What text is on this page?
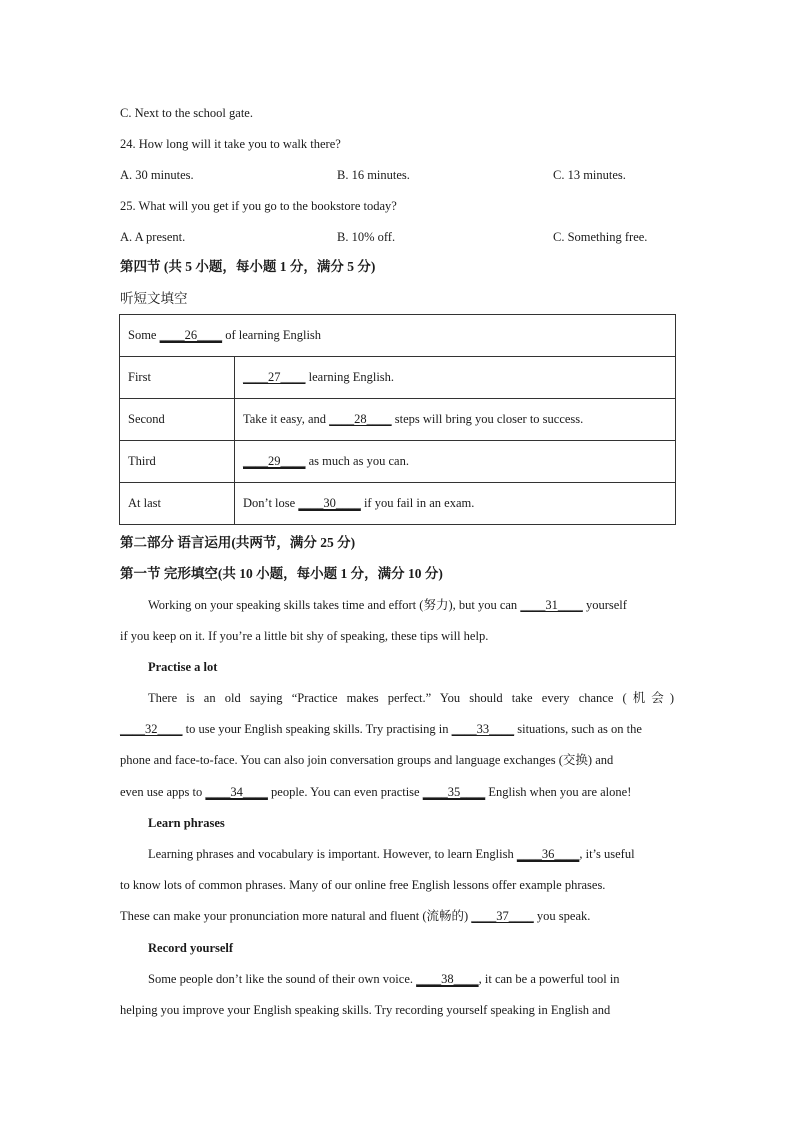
C. Next to the school gate.
24. How long will it take you to walk there?
A. 30 minutes.	B. 16 minutes.	C. 13 minutes.
25. What will you get if you go to the bookstore today?
A. A present.	B. 10% off.	C. Something free.
第四节 (共 5 小题，每小题 1 分，满分 5 分)
听短文填空
Some ____26____ of learning English	
First	____27____ learning English.
Second	Take it easy, and ____28____ steps will bring you closer to success.
Third	____29____ as much as you can.
At last	Don’t lose ____30____ if you fail in an exam.
第二部分 语言运用(共两节，满分 25 分)
第一节 完形填空(共 10 小题，每小题 1 分，满分 10 分)
Working on your speaking skills takes time and effort (努力), but you can ____31____ yourself
if you keep on it. If you’re a little bit shy of speaking, these tips will help.
Practise a lot
There is an old saying “Practice makes perfect.” You should take every chance (机会)
____32____ to use your English speaking skills. Try practising in ____33____ situations, such as on the
phone and face-to-face. You can also join conversation groups and language exchanges (交换) and
even use apps to ____34____ people. You can even practise ____35____ English when you are alone!
Learn phrases
Learning phrases and vocabulary is important. However, to learn English ____36____, it’s useful
to know lots of common phrases. Many of our online free English lessons offer example phrases.
These can make your pronunciation more natural and fluent (流畅的) ____37____ you speak.
Record yourself
Some people don’t like the sound of their own voice. ____38____, it can be a powerful tool in
helping you improve your English speaking skills. Try recording yourself speaking in English and
